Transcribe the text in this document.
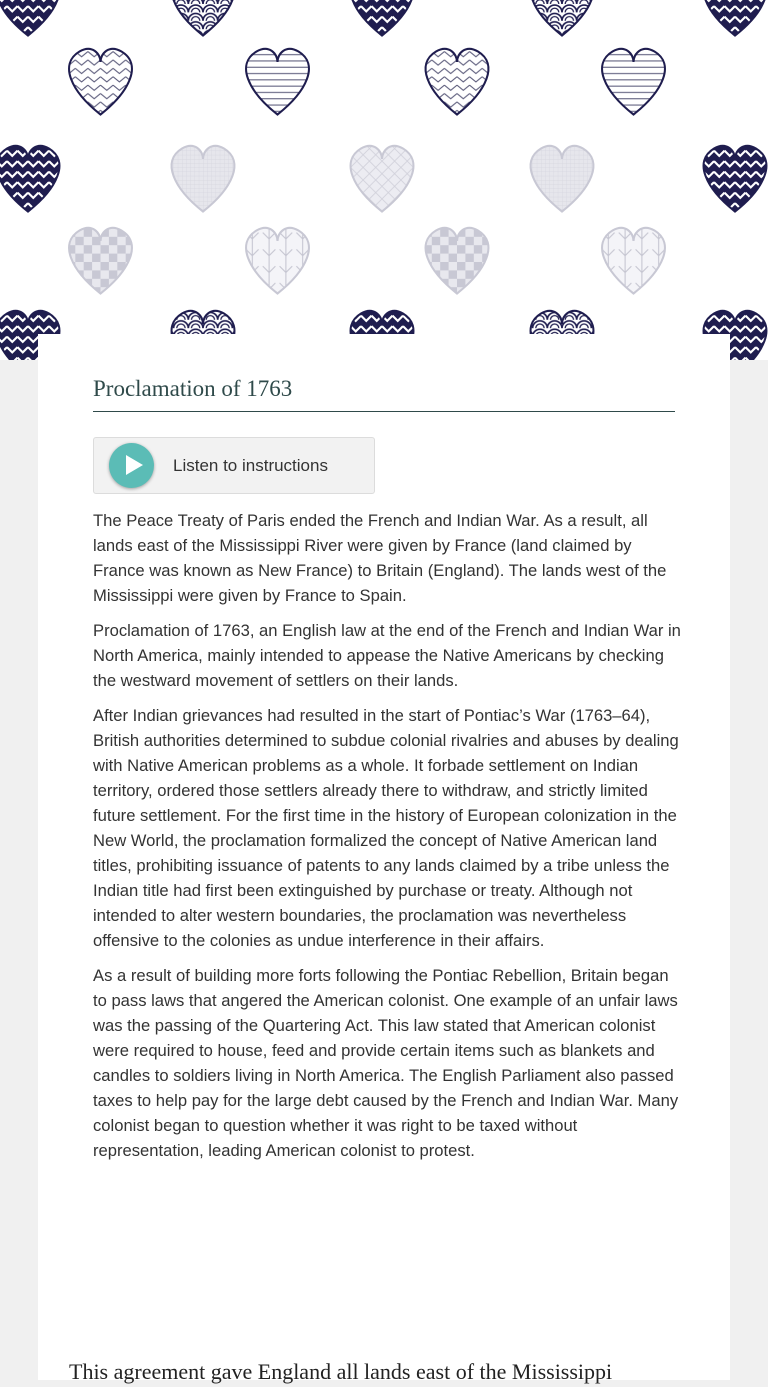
Proclamation of 1763
Listen to instructions

The Peace Treaty of Paris ended the French and Indian War. As a result, all lands east of the Mississippi River were given by France (land claimed by France was known as New France) to Britain (England). The lands west of the Mississippi were given by France to Spain.

Proclamation of 1763, an English law at the end of the French and Indian War in North America, mainly intended to appease the Native Americans by checking the westward movement of settlers on their lands.

After Indian grievances had resulted in the start of Pontiac’s War (1763–64), British authorities determined to subdue colonial rivalries and abuses by dealing with Native American problems as a whole. It forbade settlement on Indian territory, ordered those settlers already there to withdraw, and strictly limited future settlement. For the first time in the history of European colonization in the New World, the proclamation formalized the concept of Native American land titles, prohibiting issuance of patents to any lands claimed by a tribe unless the Indian title had first been extinguished by purchase or treaty. Although not intended to alter western boundaries, the proclamation was nevertheless offensive to the colonies as undue interference in their affairs.

As a result of building more forts following the Pontiac Rebellion, Britain began to pass laws that angered the American colonist. One example of an unfair laws was the passing of the Quartering Act. This law stated that American colonist were required to house, feed and provide certain items such as blankets and candles to soldiers living in North America. The English Parliament also passed taxes to help pay for the large debt caused by the French and Indian War. Many colonist began to question whether it was right to be taxed without representation, leading American colonist to protest.

This agreement gave England all lands east of the Mississippi
